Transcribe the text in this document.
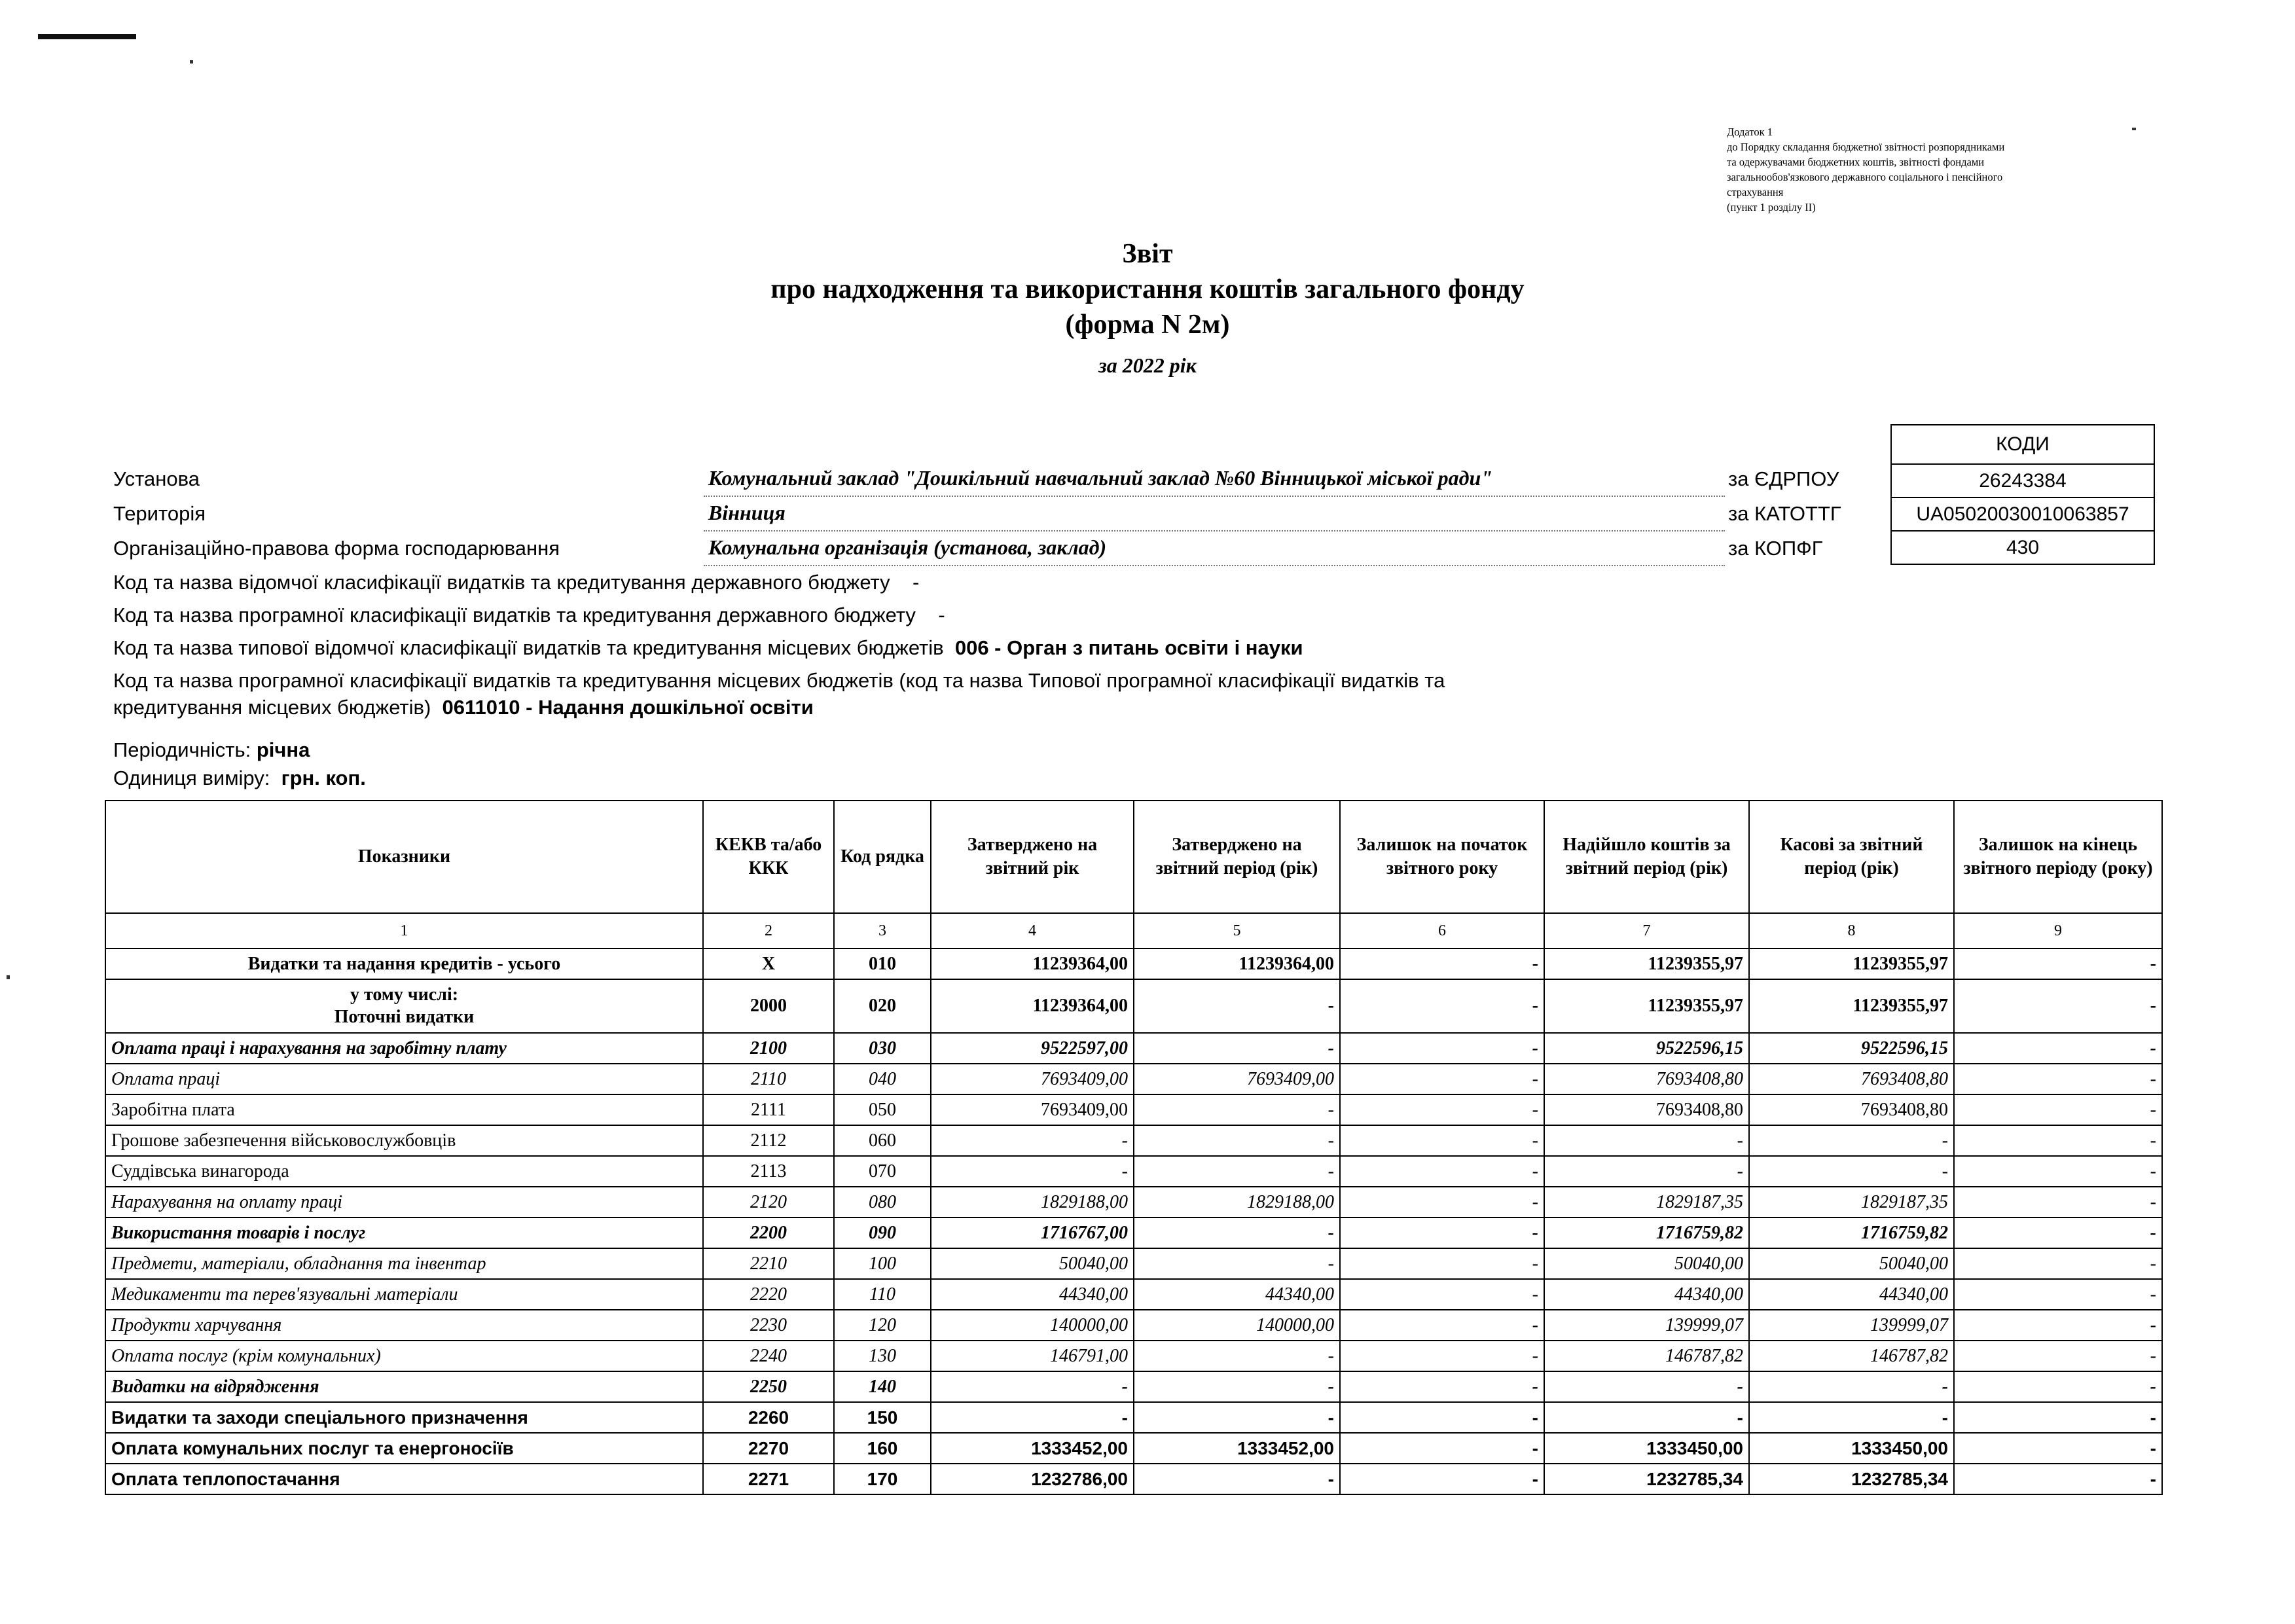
Додаток 1
до Порядку складання бюджетної звітності розпорядниками
та одержувачами бюджетних коштів, звітності фондами
загальнообов'язкового державного соціального і пенсійного
страхування
(пункт 1 розділу II)
Звіт
про надходження та використання коштів загального фонду
(форма N 2м)
за 2022 рік
КОДИ
26243384
UA05020030010063857
430
Установа	Комунальний заклад "Дошкільний навчальний заклад №60 Вінницької міської ради"	за ЄДРПОУ
Територія	Вінниця	за КАТОТТГ
Організаційно-правова форма господарювання	Комунальна організація (установа, заклад)	за КОПФГ
Код та назва відомчої класифікації видатків та кредитування державного бюджету -
Код та назва програмної класифікації видатків та кредитування державного бюджету -
Код та назва типової відомчої класифікації видатків та кредитування місцевих бюджетів 006 - Орган з питань освіти і науки
Код та назва програмної класифікації видатків та кредитування місцевих бюджетів (код та назва Типової програмної класифікації видатків та
кредитування місцевих бюджетів) 0611010 - Надання дошкільної освіти
Періодичність: річна
Одиниця виміру: грн. коп.
Показники	КЕКВ та/або ККК	Код рядка	Затверджено на звітний рік	Затверджено на звітний період (рік)	Залишок на початок звітного року	Надійшло коштів за звітний період (рік)	Касові за звітний період (рік)	Залишок на кінець звітного періоду (року)
1	2	3	4	5	6	7	8	9
Видатки та надання кредитів - усього	X	010	11239364,00	11239364,00	-	11239355,97	11239355,97	-
у тому числі:
Поточні видатки	2000	020	11239364,00	-	-	11239355,97	11239355,97	-
Оплата праці і нарахування на заробітну плату	2100	030	9522597,00	-	-	9522596,15	9522596,15	-
Оплата праці	2110	040	7693409,00	7693409,00	-	7693408,80	7693408,80	-
Заробітна плата	2111	050	7693409,00	-	-	7693408,80	7693408,80	-
Грошове забезпечення військовослужбовців	2112	060	-	-	-	-	-	-
Суддівська винагорода	2113	070	-	-	-	-	-	-
Нарахування на оплату праці	2120	080	1829188,00	1829188,00	-	1829187,35	1829187,35	-
Використання товарів і послуг	2200	090	1716767,00	-	-	1716759,82	1716759,82	-
Предмети, матеріали, обладнання та інвентар	2210	100	50040,00	-	-	50040,00	50040,00	-
Медикаменти та перев'язувальні матеріали	2220	110	44340,00	44340,00	-	44340,00	44340,00	-
Продукти харчування	2230	120	140000,00	140000,00	-	139999,07	139999,07	-
Оплата послуг (крім комунальних)	2240	130	146791,00	-	-	146787,82	146787,82	-
Видатки на відрядження	2250	140	-	-	-	-	-	-
Видатки та заходи спеціального призначення	2260	150	-	-	-	-	-	-
Оплата комунальних послуг та енергоносіїв	2270	160	1333452,00	1333452,00	-	1333450,00	1333450,00	-
Оплата теплопостачання	2271	170	1232786,00	-	-	1232785,34	1232785,34	-
